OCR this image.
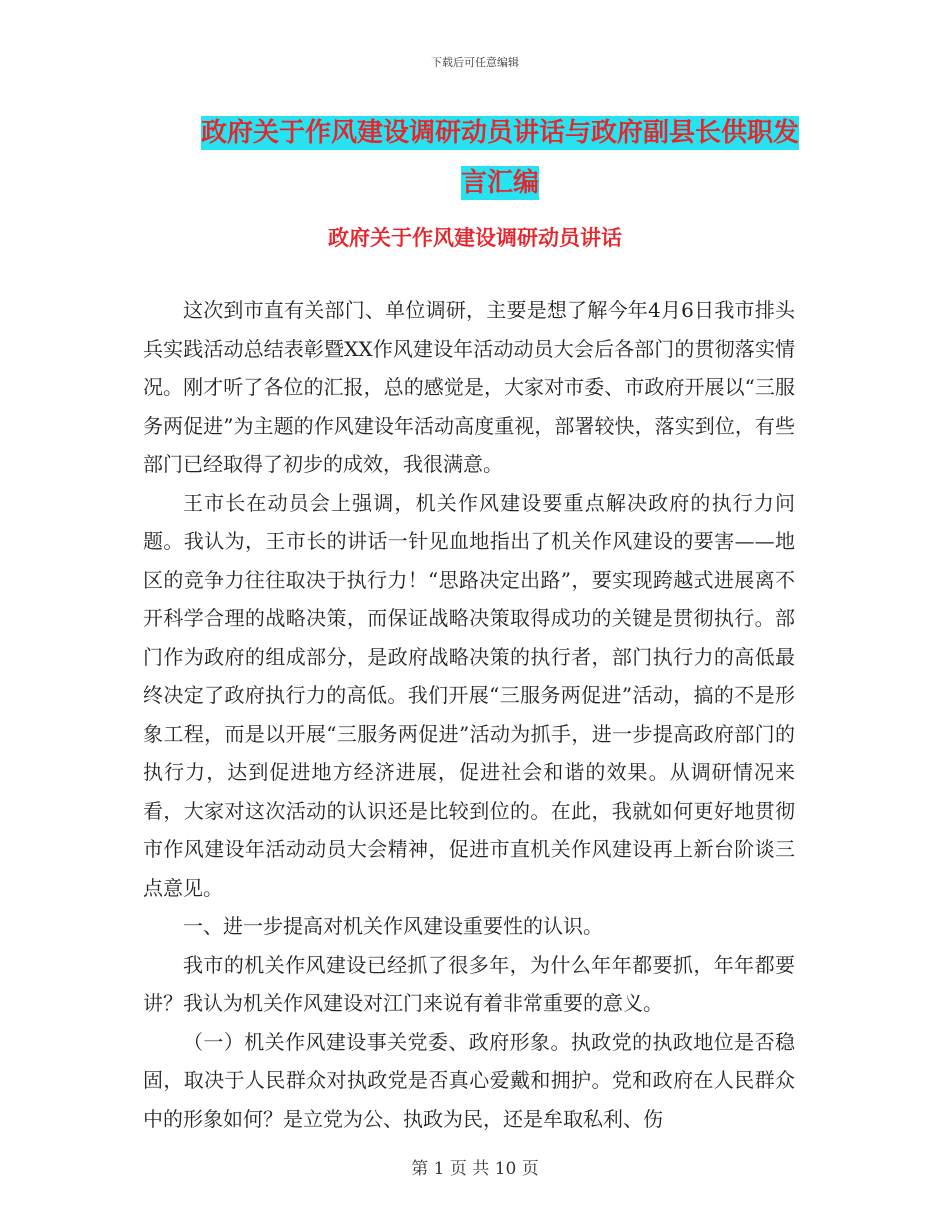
下载后可任意编辑
政府关于作风建设调研动员讲话与政府副县长供职发
言汇编
政府关于作风建设调研动员讲话

这次到市直有关部门、单位调研，主要是想了解今年4月6日我市排头兵实践活动总结表彰暨XX作风建设年活动动员大会后各部门的贯彻落实情况。刚才听了各位的汇报，总的感觉是，大家对市委、市政府开展以“三服务两促进”为主题的作风建设年活动高度重视，部署较快，落实到位，有些部门已经取得了初步的成效，我很满意。

王市长在动员会上强调，机关作风建设要重点解决政府的执行力问题。我认为，王市长的讲话一针见血地指出了机关作风建设的要害——地区的竞争力往往取决于执行力！“思路决定出路”，要实现跨越式进展离不开科学合理的战略决策，而保证战略决策取得成功的关键是贯彻执行。部门作为政府的组成部分，是政府战略决策的执行者，部门执行力的高低最终决定了政府执行力的高低。我们开展“三服务两促进”活动，搞的不是形象工程，而是以开展“三服务两促进”活动为抓手，进一步提高政府部门的执行力，达到促进地方经济进展，促进社会和谐的效果。从调研情况来看，大家对这次活动的认识还是比较到位的。在此，我就如何更好地贯彻市作风建设年活动动员大会精神，促进市直机关作风建设再上新台阶谈三点意见。

一、进一步提高对机关作风建设重要性的认识。

我市的机关作风建设已经抓了很多年，为什么年年都要抓，年年都要讲？我认为机关作风建设对江门来说有着非常重要的意义。

（一）机关作风建设事关党委、政府形象。执政党的执政地位是否稳固，取决于人民群众对执政党是否真心爱戴和拥护。党和政府在人民群众中的形象如何？是立党为公、执政为民，还是牟取私利、伤

第 1 页 共 10 页
